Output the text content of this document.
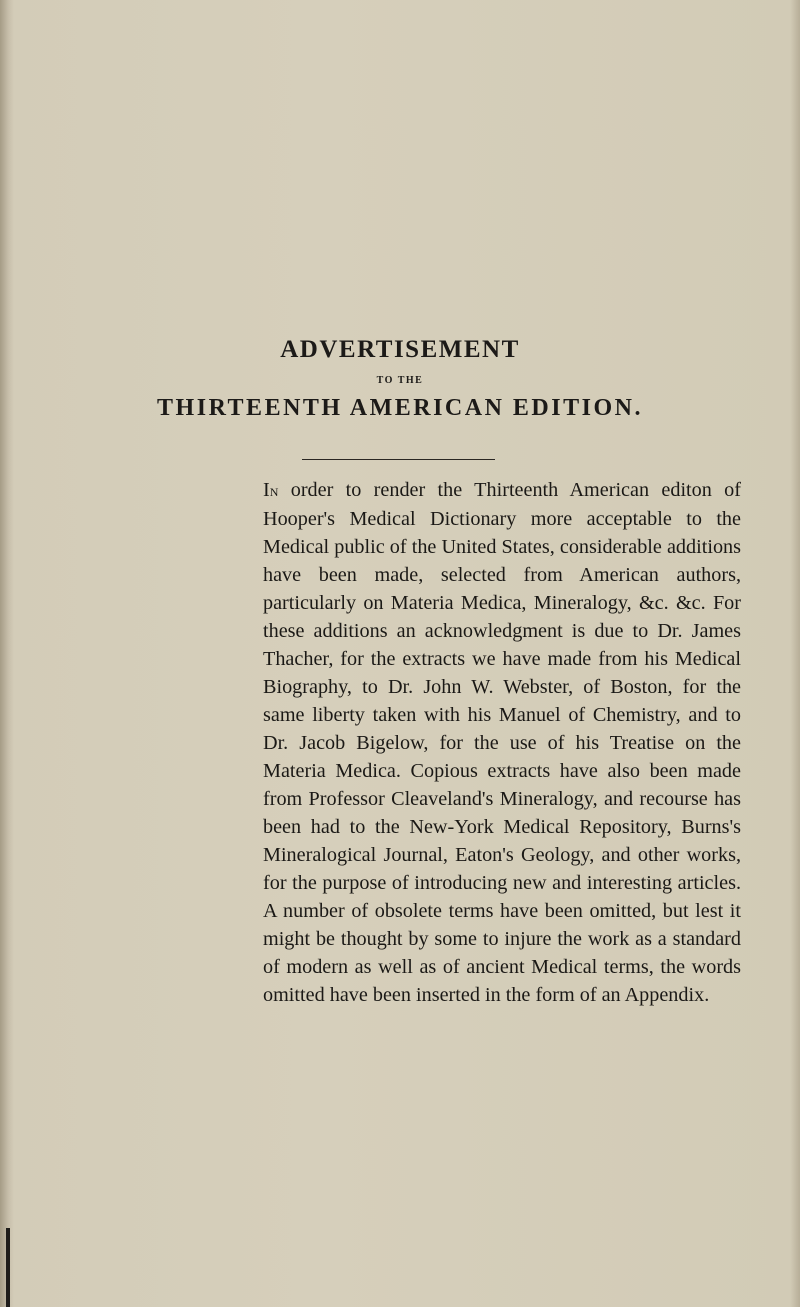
ADVERTISEMENT
TO THE
THIRTEENTH AMERICAN EDITION.

In order to render the Thirteenth American editon of Hooper's Medical Dictionary more acceptable to the Medical public of the United States, considerable additions have been made, selected from American authors, particularly on Materia Medica, Mineralogy, &c. &c. For these additions an acknowledgment is due to Dr. James Thacher, for the extracts we have made from his Medical Biography, to Dr. John W. Webster, of Boston, for the same liberty taken with his Manuel of Chemistry, and to Dr. Jacob Bigelow, for the use of his Treatise on the Materia Medica. Copious extracts have also been made from Professor Cleaveland's Mineralogy, and recourse has been had to the New-York Medical Repository, Burns's Mineralogical Journal, Eaton's Geology, and other works, for the purpose of introducing new and interesting articles. A number of obsolete terms have been omitted, but lest it might be thought by some to injure the work as a standard of modern as well as of ancient Medical terms, the words omitted have been inserted in the form of an Appendix.
